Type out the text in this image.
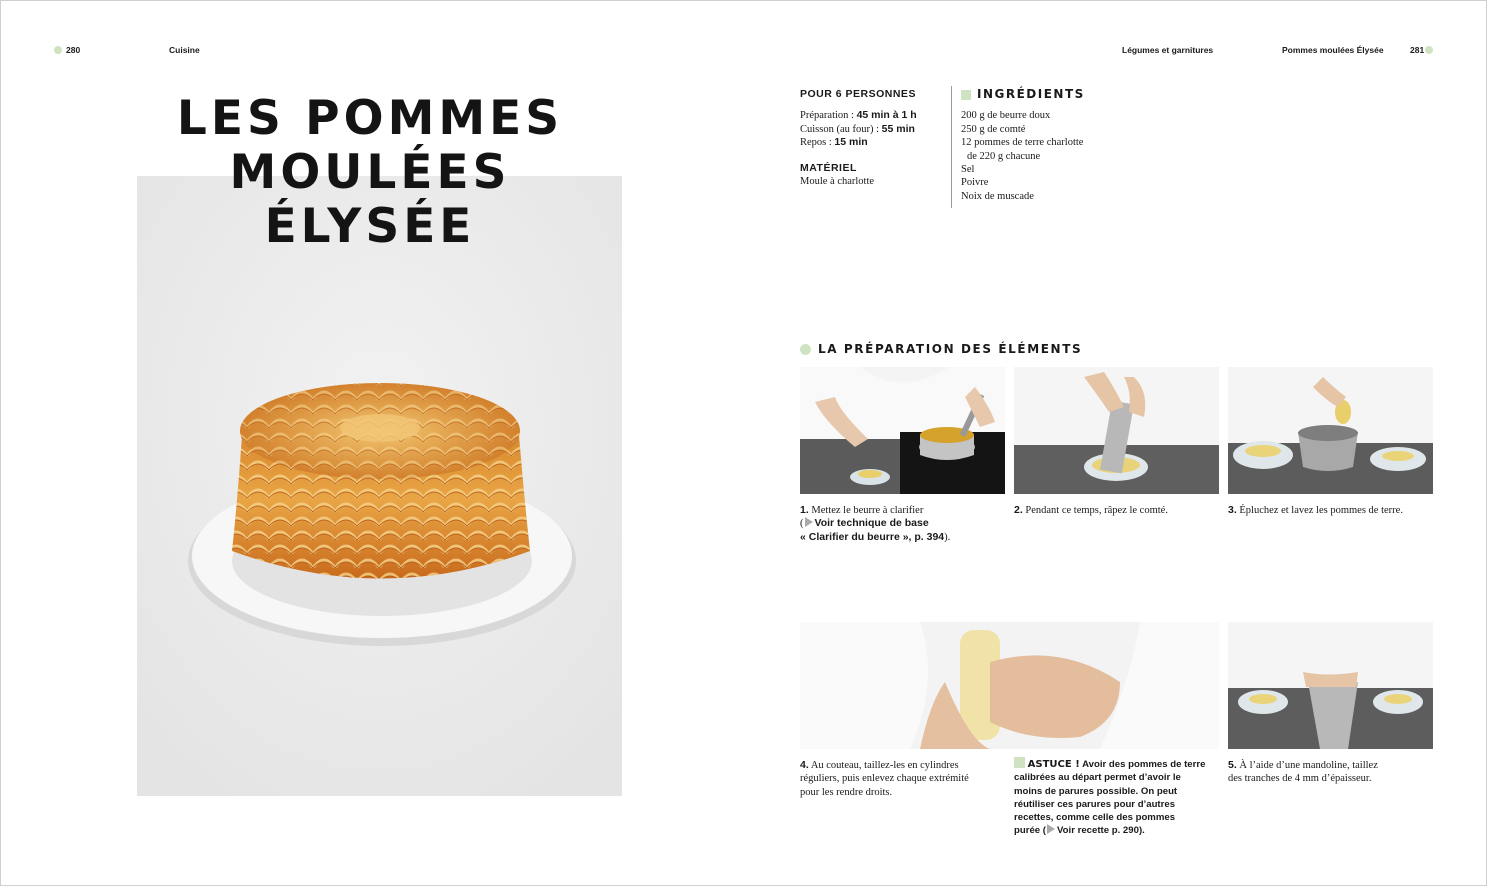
280	Cuisine	Légumes et garnitures	Pommes moulées Élysée	281
LES POMMES
MOULÉES ÉLYSÉE
POUR 6 PERSONNES
Préparation : 45 min à 1 h
Cuisson (au four) : 55 min
Repos : 15 min
MATÉRIEL
Moule à charlotte
INGRÉDIENTS
200 g de beurre doux
250 g de comté
12 pommes de terre charlotte
de 220 g chacune
Sel
Poivre
Noix de muscade
LA PRÉPARATION DES ÉLÉMENTS
1. Mettez le beurre à clarifier
( Voir technique de base
« Clarifier du beurre », p. 394).
2. Pendant ce temps, râpez le comté.	3. Épluchez et lavez les pommes de terre.
4. Au couteau, taillez-les en cylindres
réguliers, puis enlevez chaque extrémité
pour les rendre droits.
ASTUCE ! Avoir des pommes de terre
calibrées au départ permet d’avoir le
moins de parures possible. On peut
réutiliser ces parures pour d’autres
recettes, comme celle des pommes
purée ( Voir recette p. 290).
5. À l’aide d’une mandoline, taillez
des tranches de 4 mm d’épaisseur.
